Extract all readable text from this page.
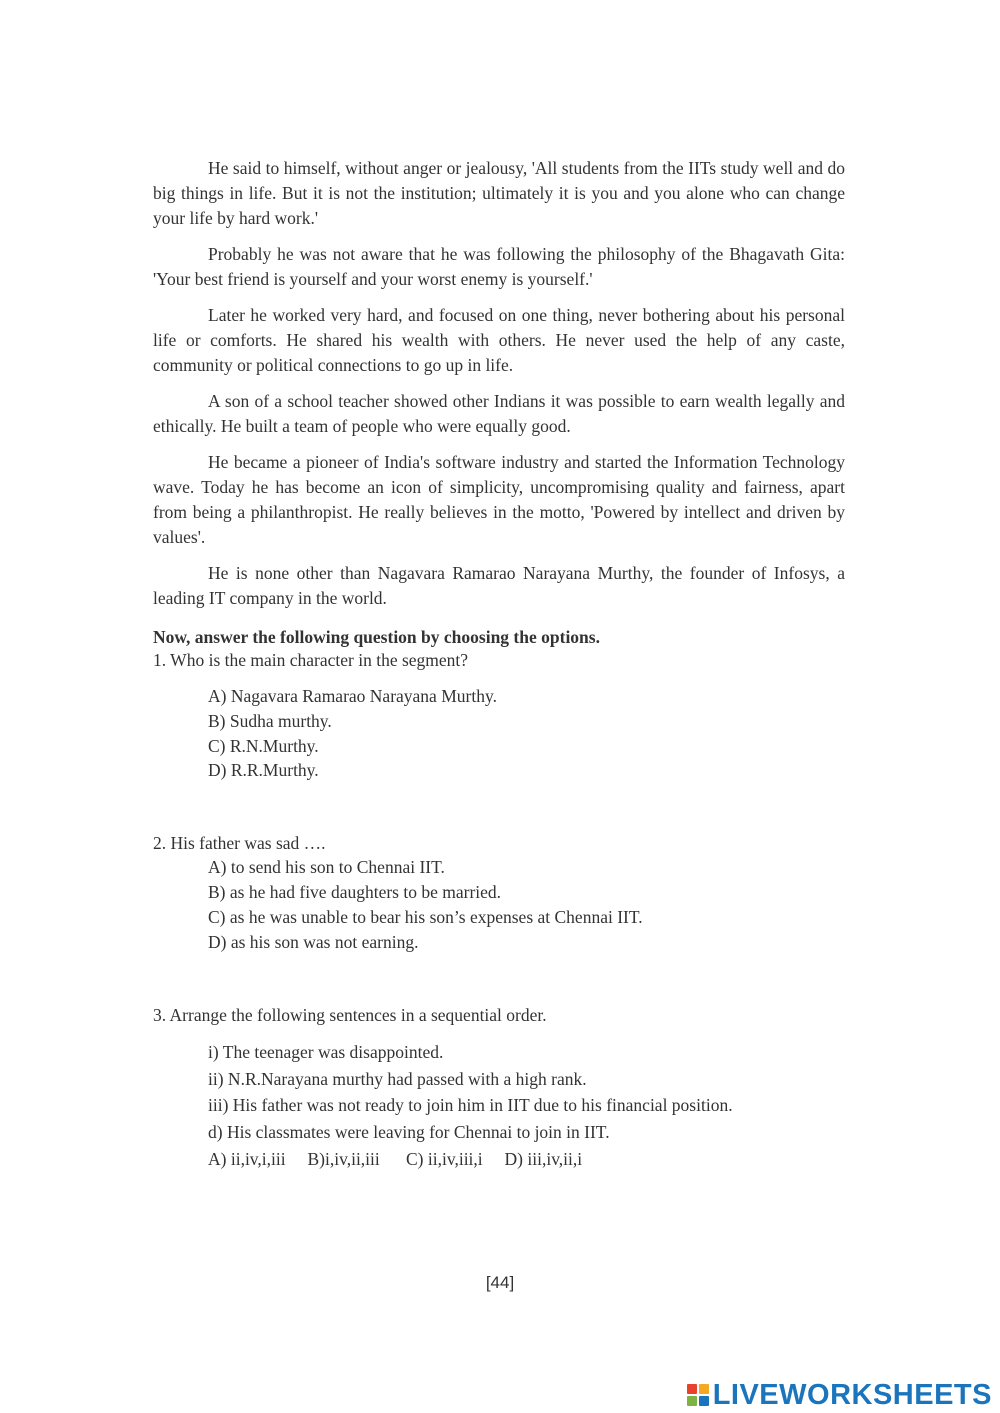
He said to himself, without anger or jealousy, 'All students from the IITs study well and do big things in life. But it is not the institution; ultimately it is you and you alone who can change your life by hard work.'

Probably he was not aware that he was following the philosophy of the Bhagavath Gita: 'Your best friend is yourself and your worst enemy is yourself.'

Later he worked very hard, and focused on one thing, never bothering about his personal life or comforts. He shared his wealth with others. He never used the help of any caste, community or political connections to go up in life.

A son of a school teacher showed other Indians it was possible to earn wealth legally and ethically. He built a team of people who were equally good.

He became a pioneer of India's software industry and started the Information Technology wave. Today he has become an icon of simplicity, uncompromising quality and fairness, apart from being a philanthropist. He really believes in the motto, 'Powered by intellect and driven by values'.

He is none other than Nagavara Ramarao Narayana Murthy, the founder of Infosys, a leading IT company in the world.

Now, answer the following question by choosing the options.
1. Who is the main character in the segment?
A) Nagavara Ramarao Narayana Murthy.
B) Sudha murthy.
C) R.N.Murthy.
D) R.R.Murthy.
2. His father was sad ….
A) to send his son to Chennai IIT.
B) as he had five daughters to be married.
C) as he was unable to bear his son’s expenses at Chennai IIT.
D) as his son was not earning.
3. Arrange the following sentences in a sequential order.
i) The teenager was disappointed.
ii) N.R.Narayana murthy had passed with a high rank.
iii) His father was not ready to join him in IIT due to his financial position.
d) His classmates were leaving for Chennai to join in IIT.
A) ii,iv,i,iii     B)i,iv,ii,iii      C) ii,iv,iii,i     D) iii,iv,ii,i
[44]
LIVEWORKSHEETS
